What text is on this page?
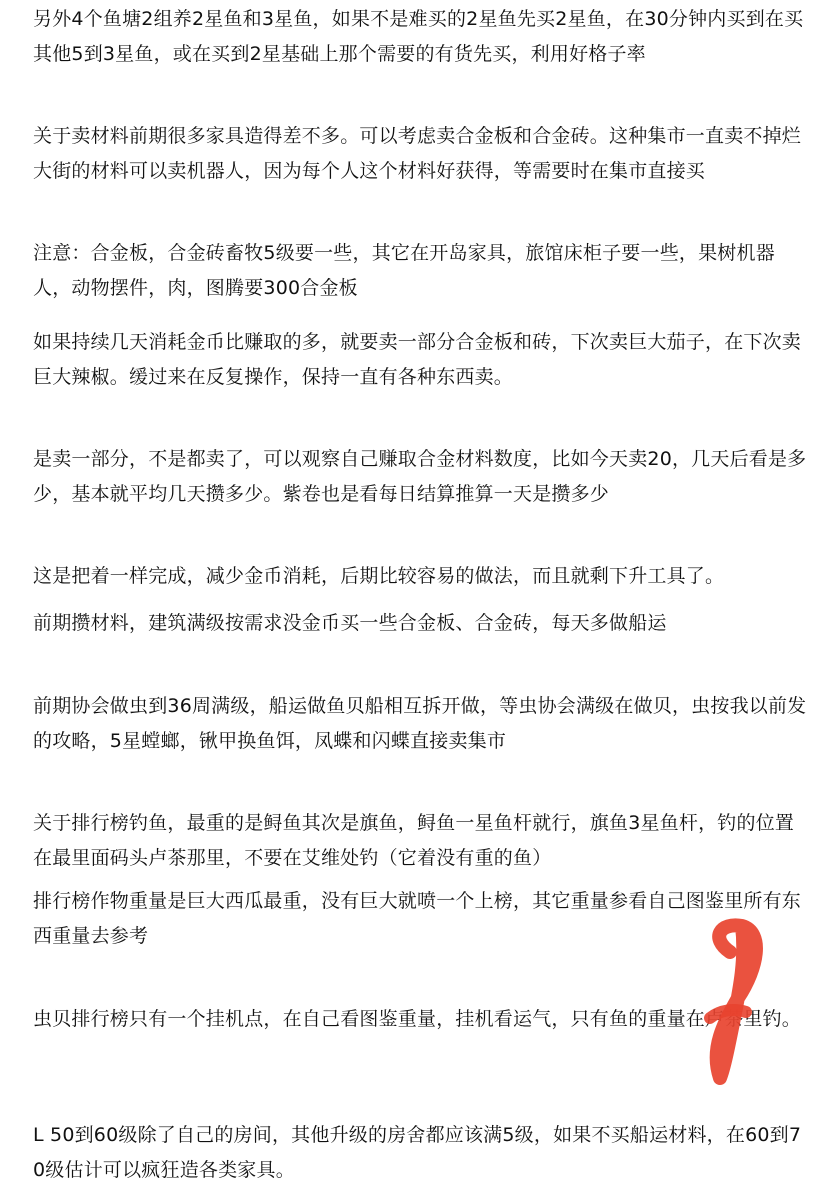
另外4个鱼塘2组养2星鱼和3星鱼，如果不是难买的2星鱼先买2星鱼，在30分钟内买到在买其他5到3星鱼，或在买到2星基础上那个需要的有货先买，利用好格子率

关于卖材料前期很多家具造得差不多。可以考虑卖合金板和合金砖。这种集市一直卖不掉烂大街的材料可以卖机器人，因为每个人这个材料好获得，等需要时在集市直接买

注意：合金板，合金砖畜牧5级要一些，其它在开岛家具，旅馆床柜子要一些，果树机器人，动物摆件，肉，图腾要300合金板

如果持续几天消耗金币比赚取的多，就要卖一部分合金板和砖，下次卖巨大茄子，在下次卖巨大辣椒。缓过来在反复操作，保持一直有各种东西卖。

是卖一部分，不是都卖了，可以观察自己赚取合金材料数度，比如今天卖20，几天后看是多少，基本就平均几天攒多少。紫卷也是看每日结算推算一天是攒多少

这是把着一样完成，减少金币消耗，后期比较容易的做法，而且就剩下升工具了。

前期攒材料，建筑满级按需求没金币买一些合金板、合金砖，每天多做船运

前期协会做虫到36周满级，船运做鱼贝船相互拆开做，等虫协会满级在做贝，虫按我以前发的攻略，5星螳螂，锹甲换鱼饵，凤蝶和闪蝶直接卖集市

关于排行榜钓鱼，最重的是鲟鱼其次是旗鱼，鲟鱼一星鱼杆就行，旗鱼3星鱼杆，钓的位置在最里面码头卢茶那里，不要在艾维处钓（它着没有重的鱼）

排行榜作物重量是巨大西瓜最重，没有巨大就喷一个上榜，其它重量参看自己图鉴里所有东西重量去参考

虫贝排行榜只有一个挂机点，在自己看图鉴重量，挂机看运气，只有鱼的重量在卢茶里钓。

L 50到60级除了自己的房间，其他升级的房舍都应该满5级，如果不买船运材料，在60到70级估计可以疯狂造各类家具。
